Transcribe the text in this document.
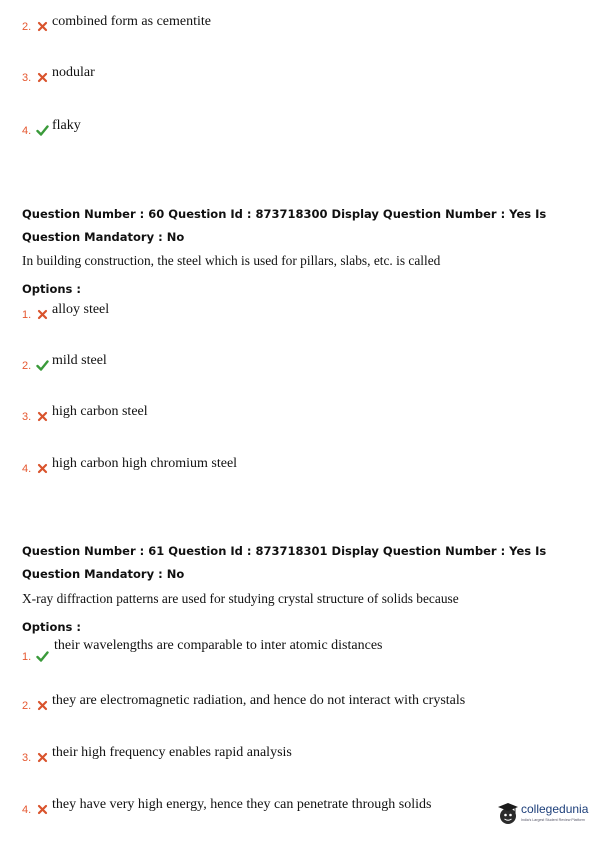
2. combined form as cementite
3. nodular
4. flaky
Question Number : 60 Question Id : 873718300 Display Question Number : Yes Is Question Mandatory : No
In building construction, the steel which is used for pillars, slabs, etc. is called
Options :
1. alloy steel
2. mild steel
3. high carbon steel
4. high carbon high chromium steel
Question Number : 61 Question Id : 873718301 Display Question Number : Yes Is Question Mandatory : No
X-ray diffraction patterns are used for studying crystal structure of solids because
Options :
1.
their wavelengths are comparable to inter atomic distances
2. they are electromagnetic radiation, and hence do not interact with crystals
3. their high frequency enables rapid analysis
4. they have very high energy, hence they can penetrate through solids	collegedunia
India's Largest Student Review Platform
